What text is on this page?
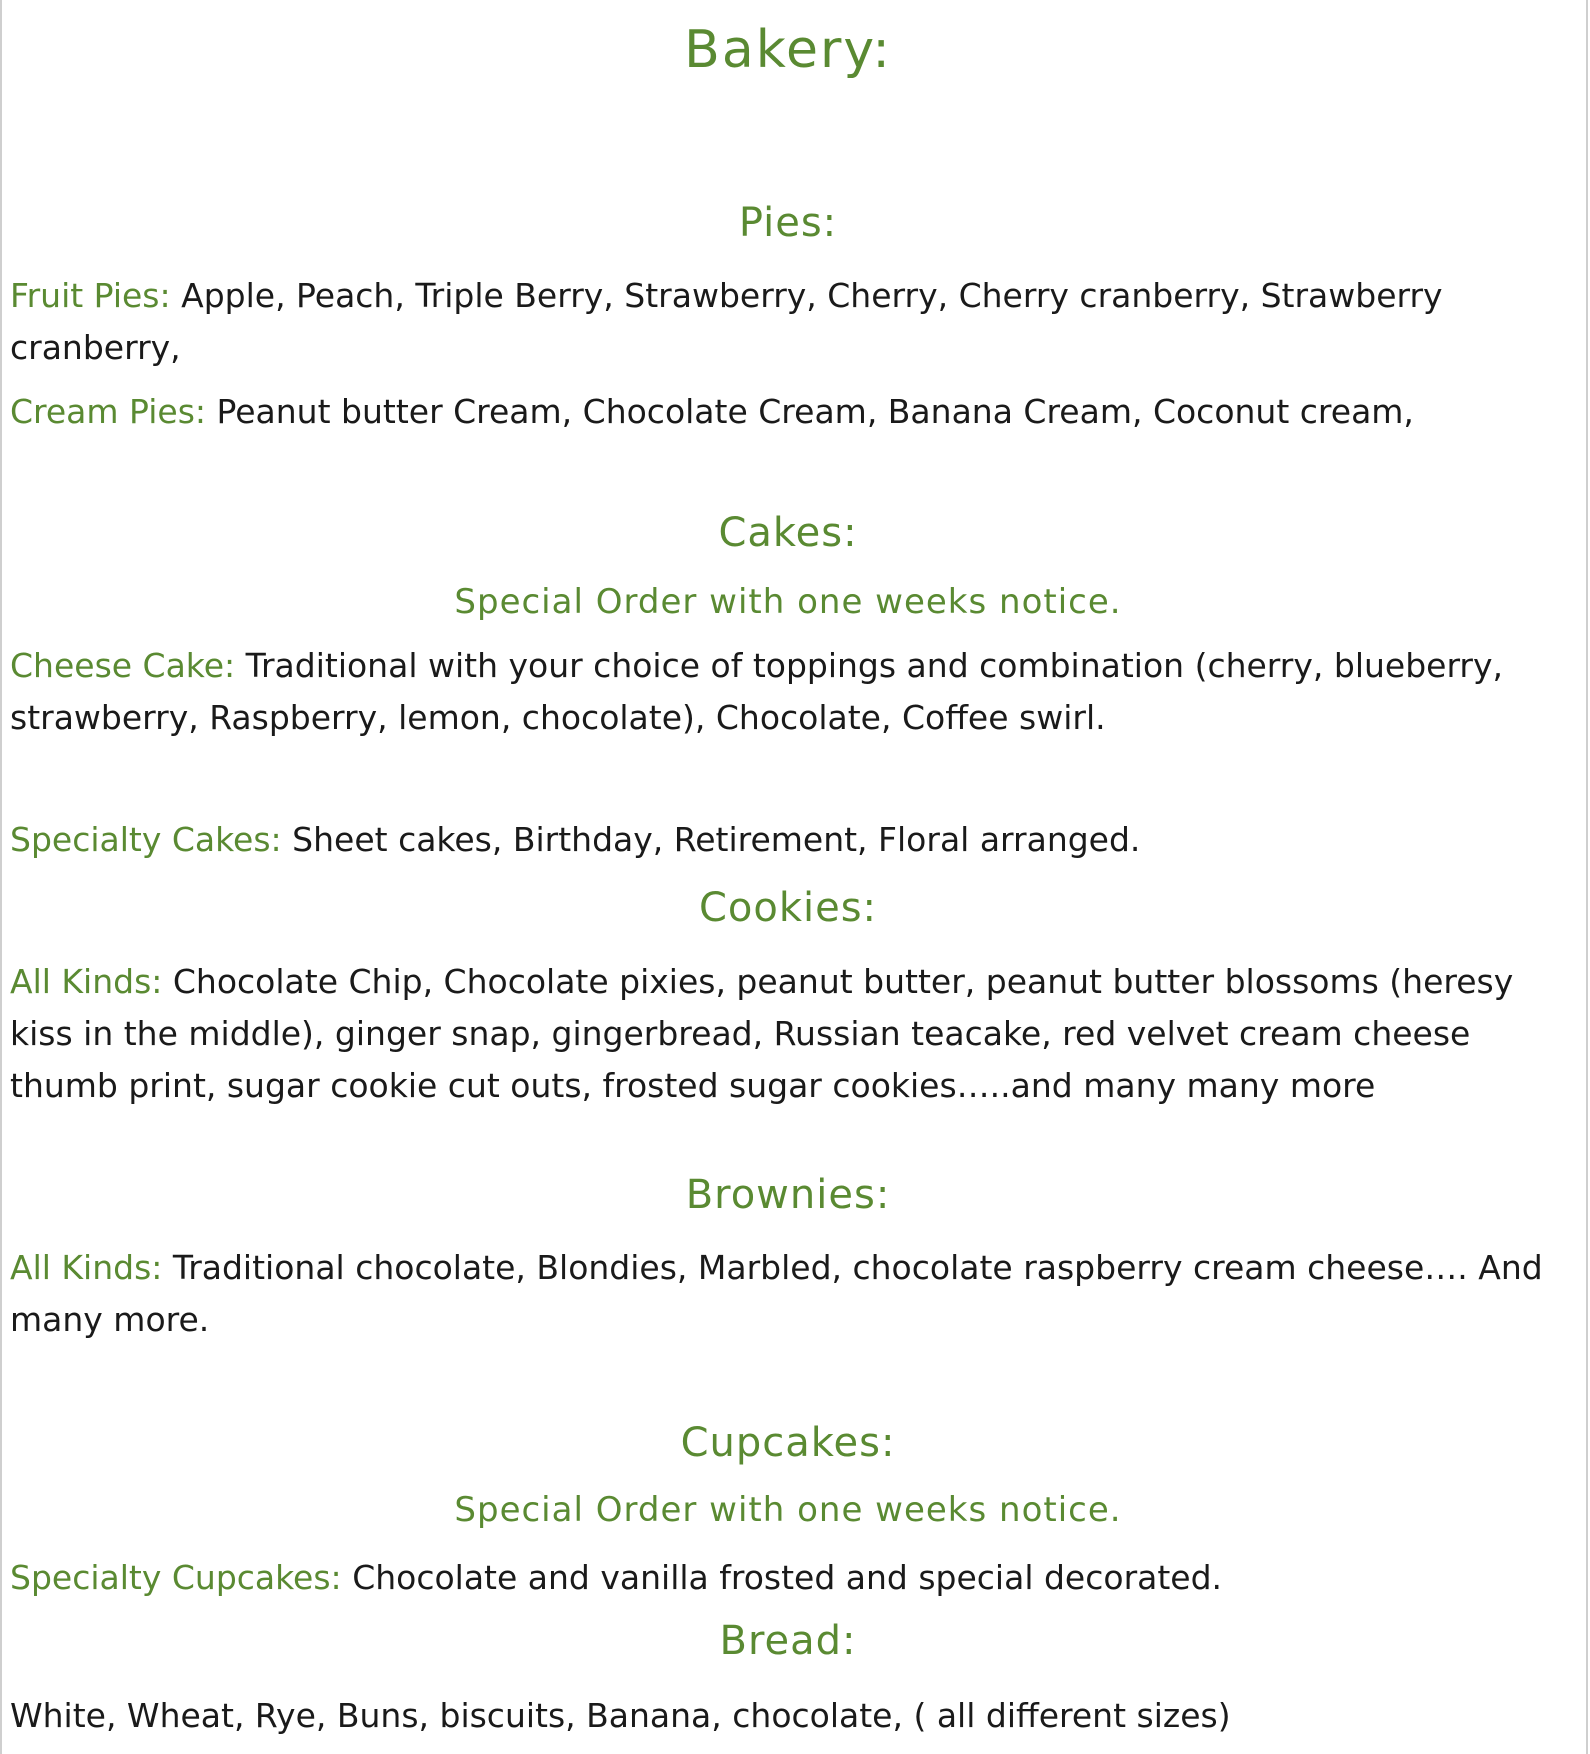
Bakery:
Pies:
Fruit Pies: Apple, Peach, Triple Berry, Strawberry, Cherry, Cherry cranberry, Strawberry cranberry,
Cream Pies: Peanut butter Cream, Chocolate Cream, Banana Cream, Coconut cream,
Cakes:
Special Order with one weeks notice.
Cheese Cake: Traditional with your choice of toppings and combination (cherry, blueberry, strawberry, Raspberry, lemon, chocolate), Chocolate, Coffee swirl.
Specialty Cakes: Sheet cakes, Birthday, Retirement, Floral arranged.
Cookies:
All Kinds: Chocolate Chip, Chocolate pixies, peanut butter, peanut butter blossoms (heresy kiss in the middle), ginger snap, gingerbread, Russian teacake, red velvet cream cheese thumb print, sugar cookie cut outs, frosted sugar cookies…..and many many more
Brownies:
All Kinds: Traditional chocolate, Blondies, Marbled, chocolate raspberry cream cheese…. And many more.
Cupcakes:
Special Order with one weeks notice.
Specialty Cupcakes: Chocolate and vanilla frosted and special decorated.
Bread:
White, Wheat, Rye, Buns, biscuits, Banana, chocolate, ( all different sizes)
